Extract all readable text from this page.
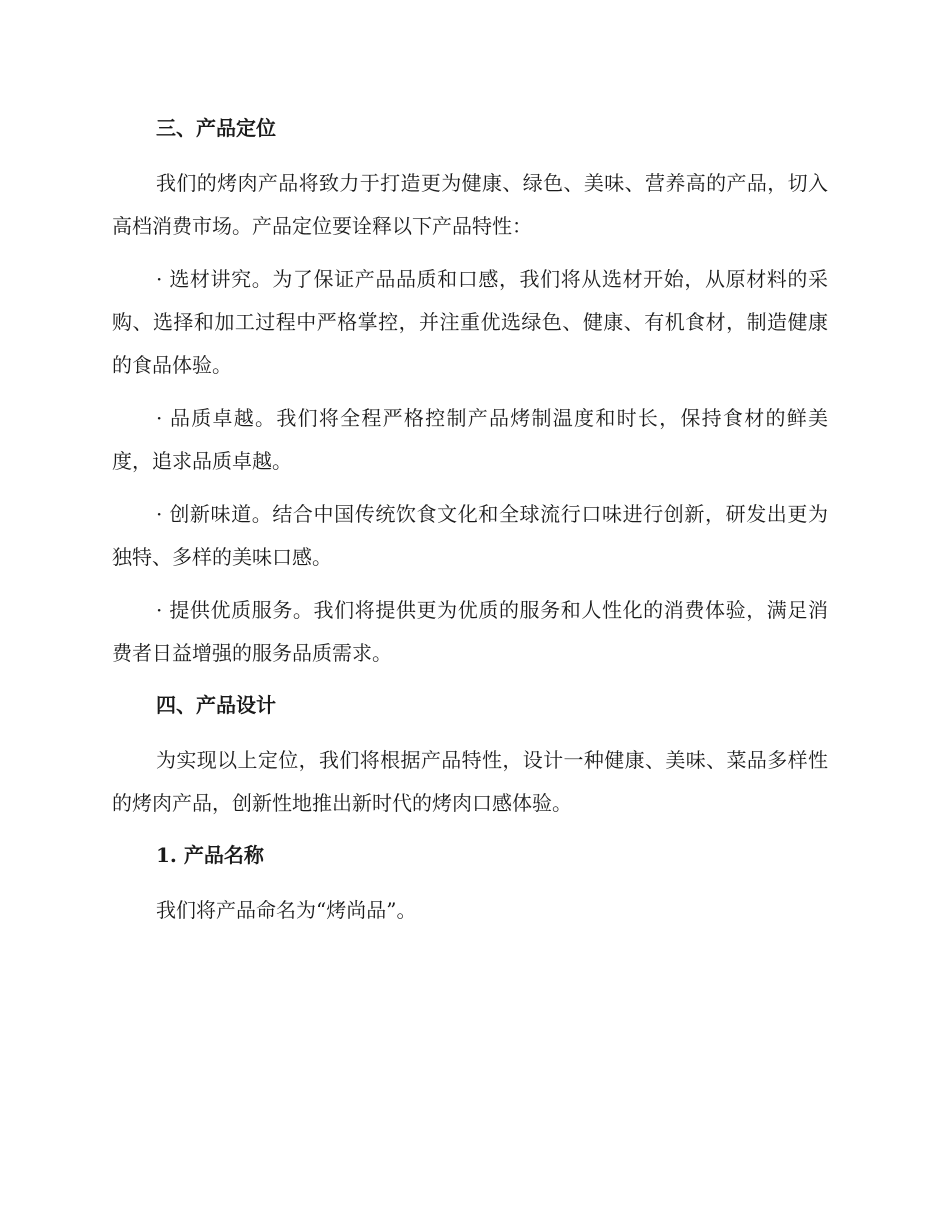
三、产品定位

我们的烤肉产品将致力于打造更为健康、绿色、美味、营养高的产品，切入高档消费市场。产品定位要诠释以下产品特性：

· 选材讲究。为了保证产品品质和口感，我们将从选材开始，从原材料的采购、选择和加工过程中严格掌控，并注重优选绿色、健康、有机食材，制造健康的食品体验。

· 品质卓越。我们将全程严格控制产品烤制温度和时长，保持食材的鲜美度，追求品质卓越。

· 创新味道。结合中国传统饮食文化和全球流行口味进行创新，研发出更为独特、多样的美味口感。

· 提供优质服务。我们将提供更为优质的服务和人性化的消费体验，满足消费者日益增强的服务品质需求。

四、产品设计

为实现以上定位，我们将根据产品特性，设计一种健康、美味、菜品多样性的烤肉产品，创新性地推出新时代的烤肉口感体验。

1. 产品名称

我们将产品命名为“烤尚品”。
